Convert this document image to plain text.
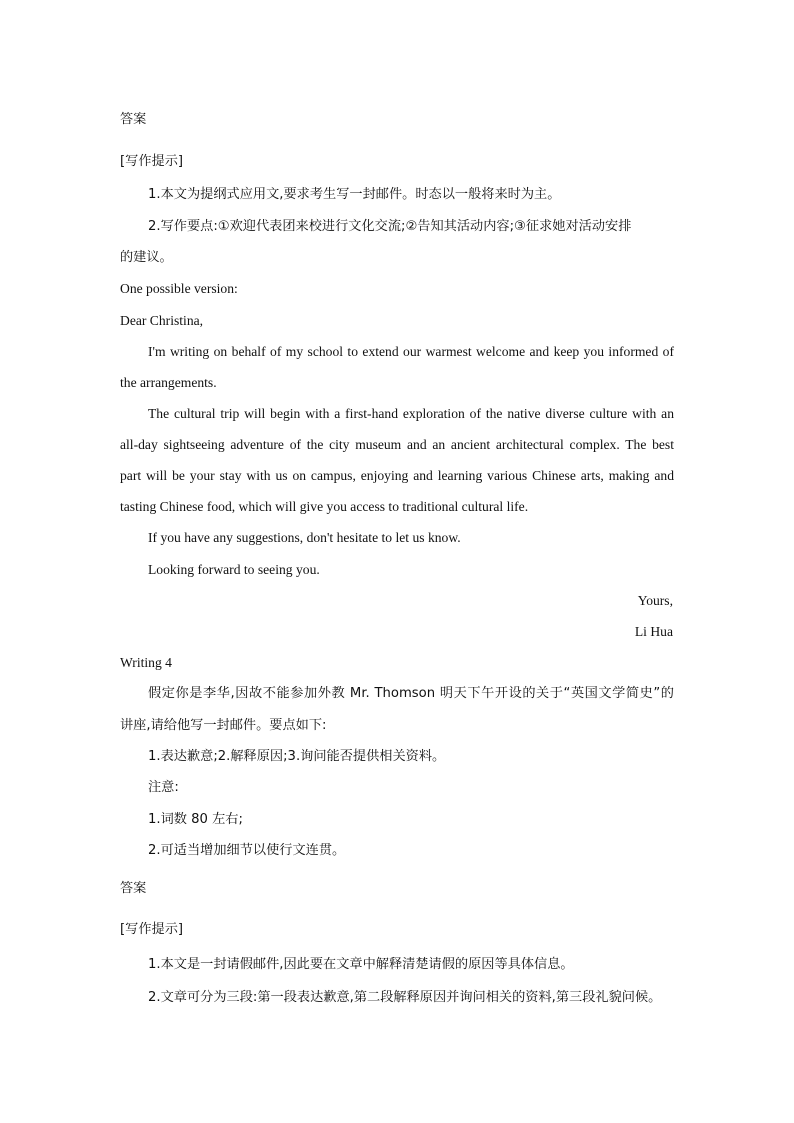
答案
[写作提示]
1.本文为提纲式应用文,要求考生写一封邮件。时态以一般将来时为主。
2.写作要点:①欢迎代表团来校进行文化交流;②告知其活动内容;③征求她对活动安排
的建议。
One possible version:
Dear Christina,
I'm writing on behalf of my school to extend our warmest welcome and keep you informed of
the arrangements.
The cultural trip will begin with a first-hand exploration of the native diverse culture with an
all-day sightseeing adventure of the city museum and an ancient architectural complex. The best
part will be your stay with us on campus, enjoying and learning various Chinese arts, making and
tasting Chinese food, which will give you access to traditional cultural life.
If you have any suggestions, don't hesitate to let us know.
Looking forward to seeing you.
Yours,
Li Hua
Writing 4
假定你是李华,因故不能参加外教 Mr. Thomson 明天下午开设的关于“英国文学简史”的
讲座,请给他写一封邮件。要点如下:
1.表达歉意;2.解释原因;3.询问能否提供相关资料。
注意:
1.词数 80 左右;
2.可适当增加细节以使行文连贯。
答案
[写作提示]
1.本文是一封请假邮件,因此要在文章中解释清楚请假的原因等具体信息。
2.文章可分为三段:第一段表达歉意,第二段解释原因并询问相关的资料,第三段礼貌问候。
